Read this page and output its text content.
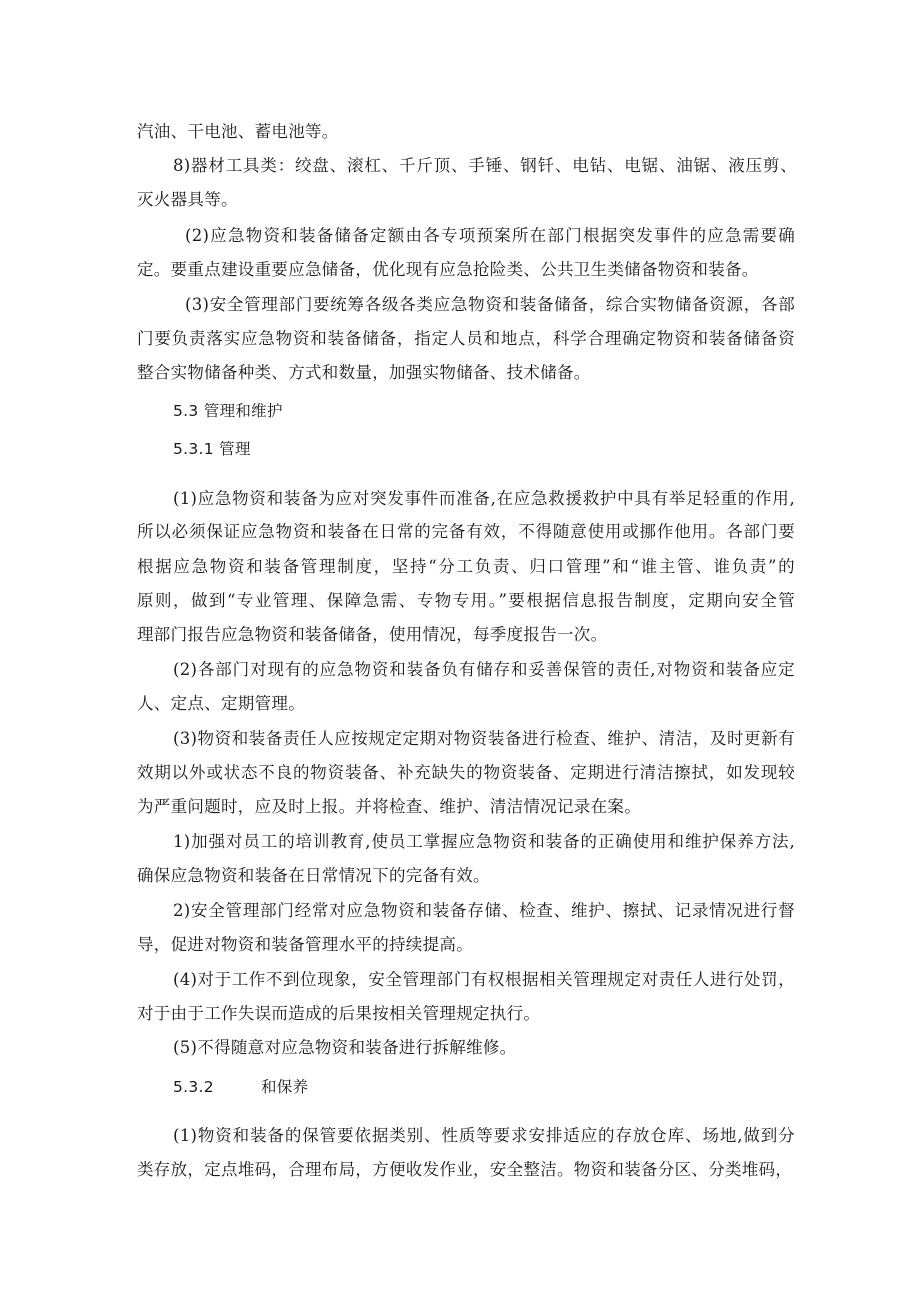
汽油、干电池、蓄电池等。
8)器材工具类：绞盘、滚杠、千斤顶、手锤、钢钎、电钻、电锯、油锯、液压剪、
灭火器具等。
(2)应急物资和装备储备定额由各专项预案所在部门根据突发事件的应急需要确
定。要重点建设重要应急储备，优化现有应急抢险类、公共卫生类储备物资和装备。
(3)安全管理部门要统筹各级各类应急物资和装备储备，综合实物储备资源，各部
门要负责落实应急物资和装备储备，指定人员和地点，科学合理确定物资和装备储备资
整合实物储备种类、方式和数量，加强实物储备、技术储备。
5.3 管理和维护
5.3.1 管理
(1)应急物资和装备为应对突发事件而准备,在应急救援救护中具有举足轻重的作用,
所以必须保证应急物资和装备在日常的完备有效，不得随意使用或挪作他用。各部门要
根据应急物资和装备管理制度，坚持“分工负责、归口管理”和“谁主管、谁负责”的
原则，做到“专业管理、保障急需、专物专用。”要根据信息报告制度，定期向安全管
理部门报告应急物资和装备储备，使用情况，每季度报告一次。
(2)各部门对现有的应急物资和装备负有储存和妥善保管的责任,对物资和装备应定
人、定点、定期管理。
(3)物资和装备责任人应按规定定期对物资装备进行检查、维护、清洁，及时更新有
效期以外或状态不良的物资装备、补充缺失的物资装备、定期进行清洁擦拭，如发现较
为严重问题时，应及时上报。并将检查、维护、清洁情况记录在案。
1)加强对员工的培训教育,使员工掌握应急物资和装备的正确使用和维护保养方法,
确保应急物资和装备在日常情况下的完备有效。
2)安全管理部门经常对应急物资和装备存储、检查、维护、擦拭、记录情况进行督
导，促进对物资和装备管理水平的持续提高。
(4)对于工作不到位现象，安全管理部门有权根据相关管理规定对责任人进行处罚，
对于由于工作失误而造成的后果按相关管理规定执行。
(5)不得随意对应急物资和装备进行拆解维修。
5.3.2	和保养
(1)物资和装备的保管要依据类别、性质等要求安排适应的存放仓库、场地,做到分
类存放，定点堆码，合理布局，方便收发作业，安全整洁。物资和装备分区、分类堆码，
